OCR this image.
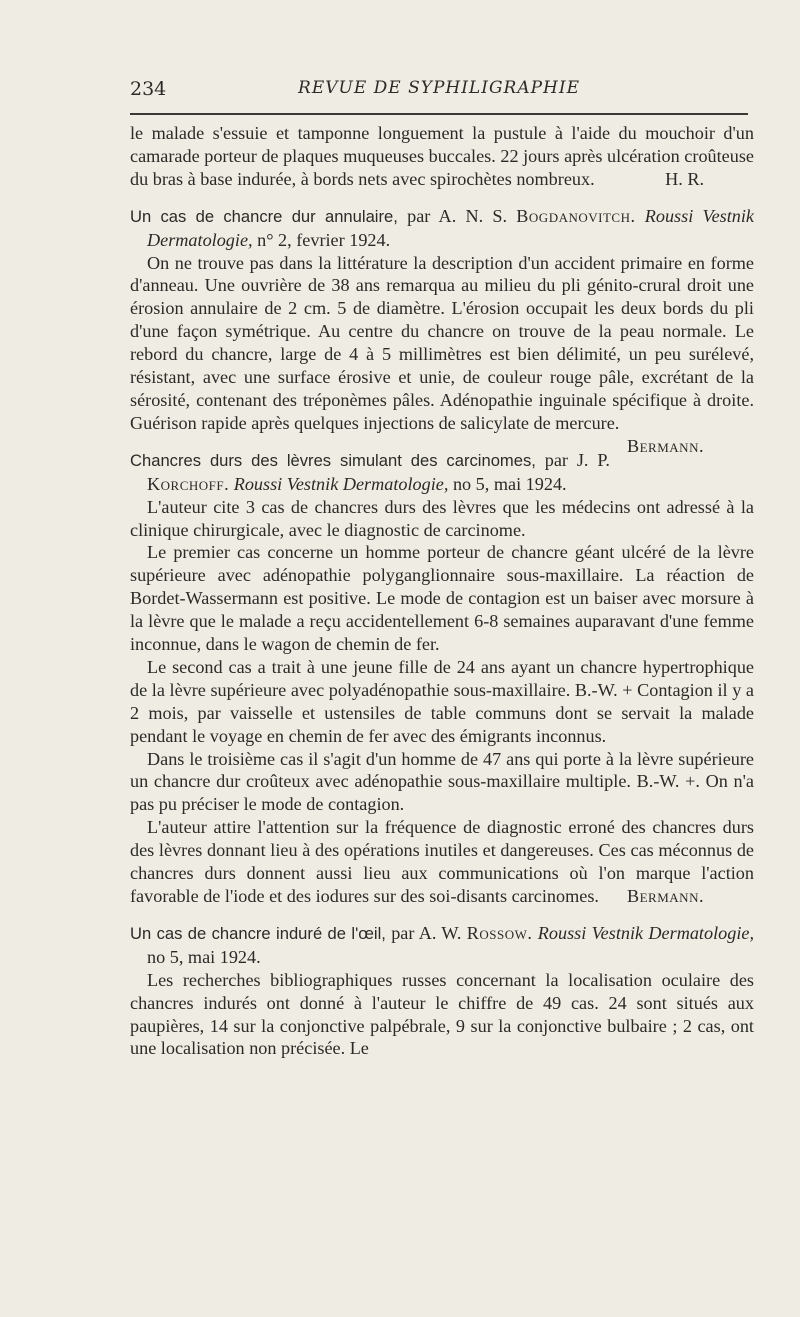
234	REVUE DE SYPHILIGRAPHIE

le malade s'essuie et tamponne longuement la pustule à l'aide du mouchoir d'un camarade porteur de plaques muqueuses buccales. 22 jours après ulcération croûteuse du bras à base indurée, à bords nets avec spirochètes nombreux.	H. R.

Un cas de chancre dur annulaire, par A. N. S. Bogdanovitch. Roussi Vestnik Dermatologie, n° 2, fevrier 1924.

On ne trouve pas dans la littérature la description d'un accident primaire en forme d'anneau. Une ouvrière de 38 ans remarqua au milieu du pli génito-crural droit une érosion annulaire de 2 cm. 5 de diamètre. L'érosion occupait les deux bords du pli d'une façon symétrique. Au centre du chancre on trouve de la peau normale. Le rebord du chancre, large de 4 à 5 millimètres est bien délimité, un peu surélevé, résistant, avec une surface érosive et unie, de couleur rouge pâle, excrétant de la sérosité, contenant des tréponèmes pâles. Adénopathie inguinale spécifique à droite. Guérison rapide après quelques injections de salicylate de mercure.
Bermann.

Chancres durs des lèvres simulant des carcinomes, par J. P. Korchoff. Roussi Vestnik Dermatologie, no 5, mai 1924.

L'auteur cite 3 cas de chancres durs des lèvres que les médecins ont adressé à la clinique chirurgicale, avec le diagnostic de carcinome.

Le premier cas concerne un homme porteur de chancre géant ulcéré de la lèvre supérieure avec adénopathie polyganglionnaire sous-maxillaire. La réaction de Bordet-Wassermann est positive. Le mode de contagion est un baiser avec morsure à la lèvre que le malade a reçu accidentellement 6-8 semaines auparavant d'une femme inconnue, dans le wagon de chemin de fer.

Le second cas a trait à une jeune fille de 24 ans ayant un chancre hypertrophique de la lèvre supérieure avec polyadénopathie sous-maxillaire. B.-W. + Contagion il y a 2 mois, par vaisselle et ustensiles de table communs dont se servait la malade pendant le voyage en chemin de fer avec des émigrants inconnus.

Dans le troisième cas il s'agit d'un homme de 47 ans qui porte à la lèvre supérieure un chancre dur croûteux avec adénopathie sous-maxillaire multiple. B.-W. +. On n'a pas pu préciser le mode de contagion.

L'auteur attire l'attention sur la fréquence de diagnostic erroné des chancres durs des lèvres donnant lieu à des opérations inutiles et dangereuses. Ces cas méconnus de chancres durs donnent aussi lieu aux communications où l'on marque l'action favorable de l'iode et des iodures sur des soi-disants carcinomes.	Bermann.

Un cas de chancre induré de l'œil, par A. W. Rossow. Roussi Vestnik Dermatologie, no 5, mai 1924.

Les recherches bibliographiques russes concernant la localisation oculaire des chancres indurés ont donné à l'auteur le chiffre de 49 cas. 24 sont situés aux paupières, 14 sur la conjonctive palpébrale, 9 sur la conjonctive bulbaire ; 2 cas, ont une localisation non précisée. Le
